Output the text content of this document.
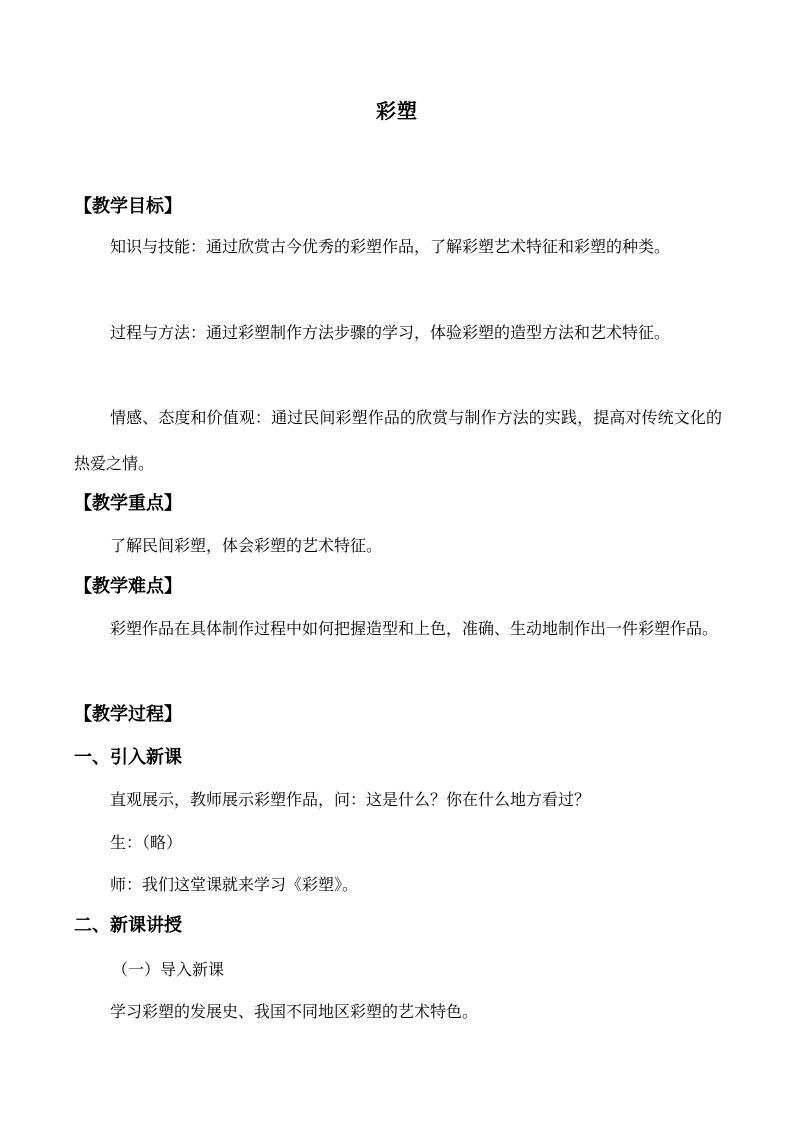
彩塑
【教学目标】
知识与技能：通过欣赏古今优秀的彩塑作品，了解彩塑艺术特征和彩塑的种类。
过程与方法：通过彩塑制作方法步骤的学习，体验彩塑的造型方法和艺术特征。
情感、态度和价值观：通过民间彩塑作品的欣赏与制作方法的实践，提高对传统文化的热爱之情。
【教学重点】
了解民间彩塑，体会彩塑的艺术特征。
【教学难点】
彩塑作品在具体制作过程中如何把握造型和上色，准确、生动地制作出一件彩塑作品。
【教学过程】
一、引入新课
直观展示，教师展示彩塑作品，问：这是什么？你在什么地方看过？
生：（略）
师：我们这堂课就来学习《彩塑》。
二、新课讲授
（一）导入新课
学习彩塑的发展史、我国不同地区彩塑的艺术特色。
